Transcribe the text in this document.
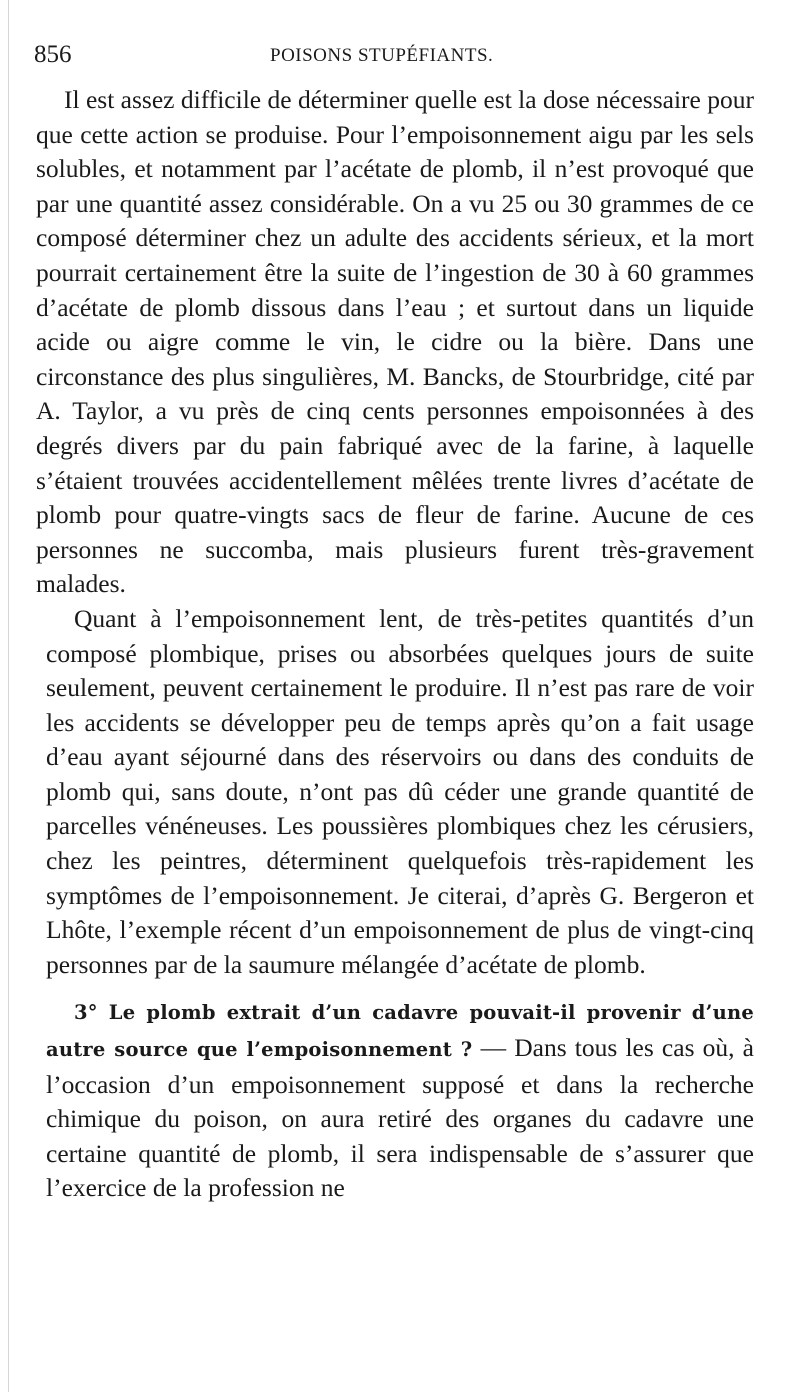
856	POISONS STUPÉFIANTS.

Il est assez difficile de déterminer quelle est la dose nécessaire pour que cette action se produise. Pour l’empoisonnement aigu par les sels solubles, et notamment par l’acétate de plomb, il n’est provoqué que par une quantité assez considérable. On a vu 25 ou 30 grammes de ce composé déterminer chez un adulte des accidents sérieux, et la mort pourrait certainement être la suite de l’ingestion de 30 à 60 grammes d’acétate de plomb dissous dans l’eau ; et surtout dans un liquide acide ou aigre comme le vin, le cidre ou la bière. Dans une circonstance des plus singulières, M. Bancks, de Stourbridge, cité par A. Taylor, a vu près de cinq cents personnes empoisonnées à des degrés divers par du pain fabriqué avec de la farine, à laquelle s’étaient trouvées accidentellement mêlées trente livres d’acétate de plomb pour quatre-vingts sacs de fleur de farine. Aucune de ces personnes ne succomba, mais plusieurs furent très-gravement malades.

Quant à l’empoisonnement lent, de très-petites quantités d’un composé plombique, prises ou absorbées quelques jours de suite seulement, peuvent certainement le produire. Il n’est pas rare de voir les accidents se développer peu de temps après qu’on a fait usage d’eau ayant séjourné dans des réservoirs ou dans des conduits de plomb qui, sans doute, n’ont pas dû céder une grande quantité de parcelles vénéneuses. Les poussières plombiques chez les cérusiers, chez les peintres, déterminent quelquefois très-rapidement les symptômes de l’empoisonnement. Je citerai, d’après G. Bergeron et Lhôte, l’exemple récent d’un empoisonnement de plus de vingt-cinq personnes par de la saumure mélangée d’acétate de plomb.

3° Le plomb extrait d’un cadavre pouvait-il provenir d’une autre source que l’empoisonnement ? — Dans tous les cas où, à l’occasion d’un empoisonnement supposé et dans la recherche chimique du poison, on aura retiré des organes du cadavre une certaine quantité de plomb, il sera indispensable de s’assurer que l’exercice de la profession ne
